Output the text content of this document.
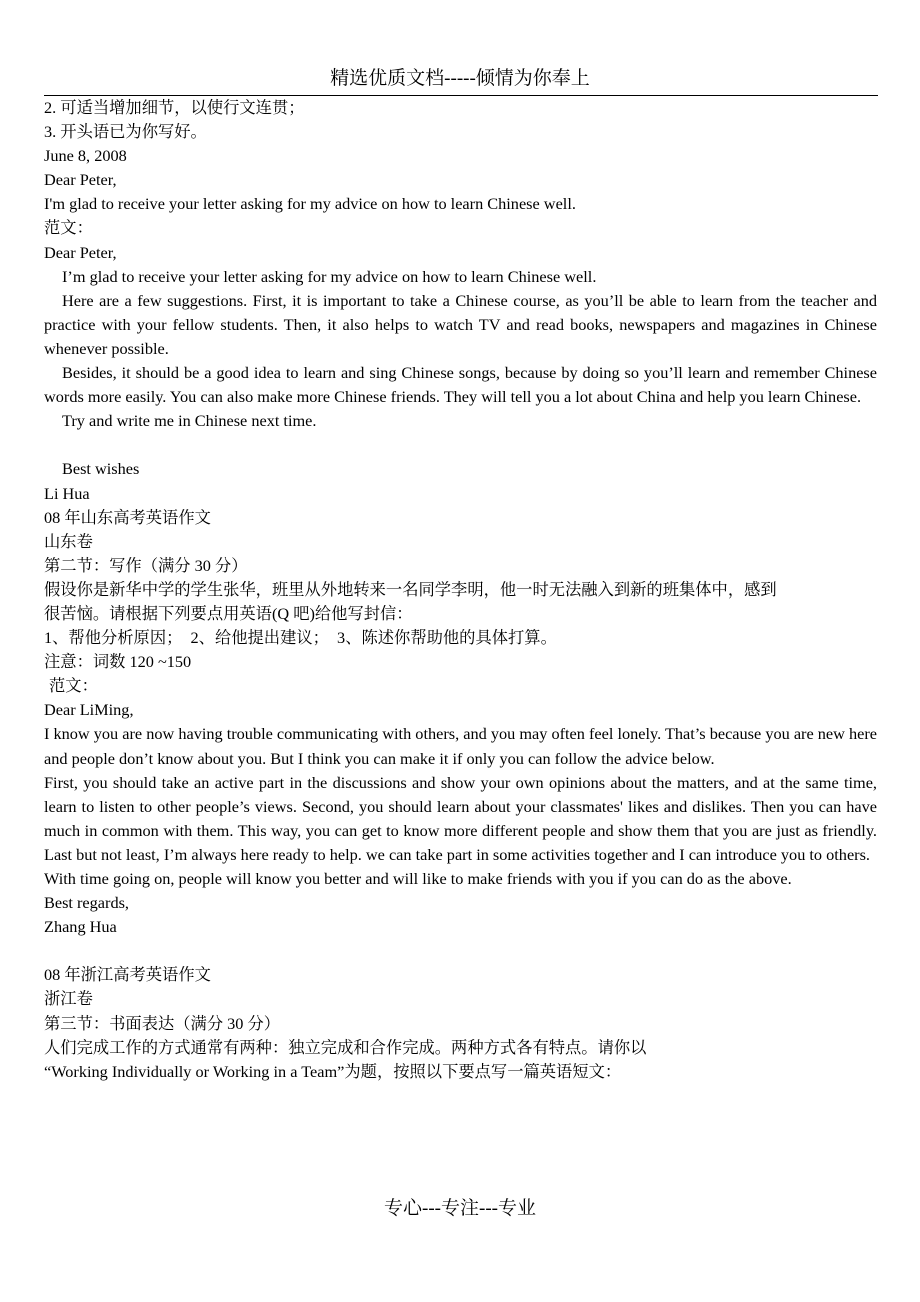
精选优质文档-----倾情为你奉上

2. 可适当增加细节，以使行文连贯；

3. 开头语已为你写好。

June 8, 2008

Dear Peter,

I'm glad to receive your letter asking for my advice on how to learn Chinese well.

范文：

Dear Peter,

I’m glad to receive your letter asking for my advice on how to learn Chinese well.

Here are a few suggestions. First, it is important to take a Chinese course, as you’ll be able to learn from the teacher and practice with your fellow students. Then, it also helps to watch TV and read books, newspapers and magazines in Chinese whenever possible.

Besides, it should be a good idea to learn and sing Chinese songs, because by doing so you’ll learn and remember Chinese words more easily. You can also make more Chinese friends. They will tell you a lot about China and help you learn Chinese.

Try and write me in Chinese next time.

Best wishes

Li Hua

08 年山东高考英语作文

山东卷

第二节：写作（满分 30 分）

假设你是新华中学的学生张华，班里从外地转来一名同学李明，他一时无法融入到新的班集体中，感到很苦恼。请根据下列要点用英语(Q 吧)给他写封信：

1、帮他分析原因；　2、给他提出建议；　3、陈述你帮助他的具体打算。

注意：词数 120 ~150

范文：

Dear LiMing,

I know you are now having trouble communicating with others, and you may often feel lonely. That’s because you are new here and people don’t know about you. But I think you can make it if only you can follow the advice below.

First, you should take an active part in the discussions and show your own opinions about the matters, and at the same time, learn to listen to other people’s views. Second, you should learn about your classmates' likes and dislikes. Then you can have much in common with them. This way, you can get to know more different people and show them that you are just as friendly. Last but not least, I’m always here ready to help. we can take part in some activities together and I can introduce you to others.

With time going on, people will know you better and will like to make friends with you if you can do as the above.

Best regards,

Zhang Hua

08 年浙江高考英语作文

浙江卷

第三节：书面表达（满分 30 分）

人们完成工作的方式通常有两种：独立完成和合作完成。两种方式各有特点。请你以

“Working Individually or Working in a Team”为题，按照以下要点写一篇英语短文：

专心---专注---专业
